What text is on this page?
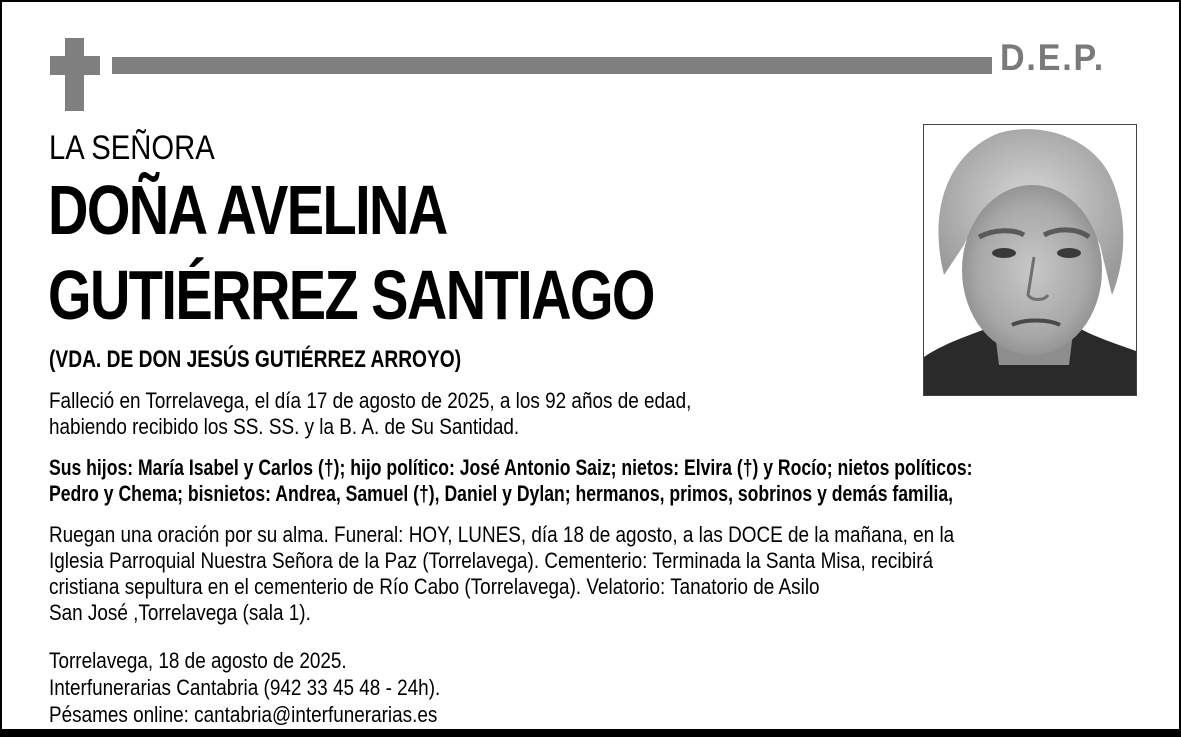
D.E.P.
LA SEÑORA
DOÑA AVELINA
GUTIÉRREZ SANTIAGO
(VDA. DE DON JESÚS GUTIÉRREZ ARROYO)
Falleció en Torrelavega, el día 17 de agosto de 2025, a los 92 años de edad,
habiendo recibido los SS. SS. y la B. A. de Su Santidad.
Sus hijos: María Isabel y Carlos (†); hijo político: José Antonio Saiz; nietos: Elvira (†) y Rocío; nietos políticos:
Pedro y Chema; bisnietos: Andrea, Samuel (†), Daniel y Dylan; hermanos, primos, sobrinos y demás familia,
Ruegan una oración por su alma. Funeral: HOY, LUNES, día 18 de agosto, a las DOCE de la mañana, en la
Iglesia Parroquial Nuestra Señora de la Paz (Torrelavega). Cementerio: Terminada la Santa Misa, recibirá
cristiana sepultura en el cementerio de Río Cabo (Torrelavega). Velatorio: Tanatorio de Asilo
San José ,Torrelavega (sala 1).
Torrelavega, 18 de agosto de 2025.
Interfunerarias Cantabria (942 33 45 48 - 24h).
Pésames online: cantabria@interfunerarias.es
